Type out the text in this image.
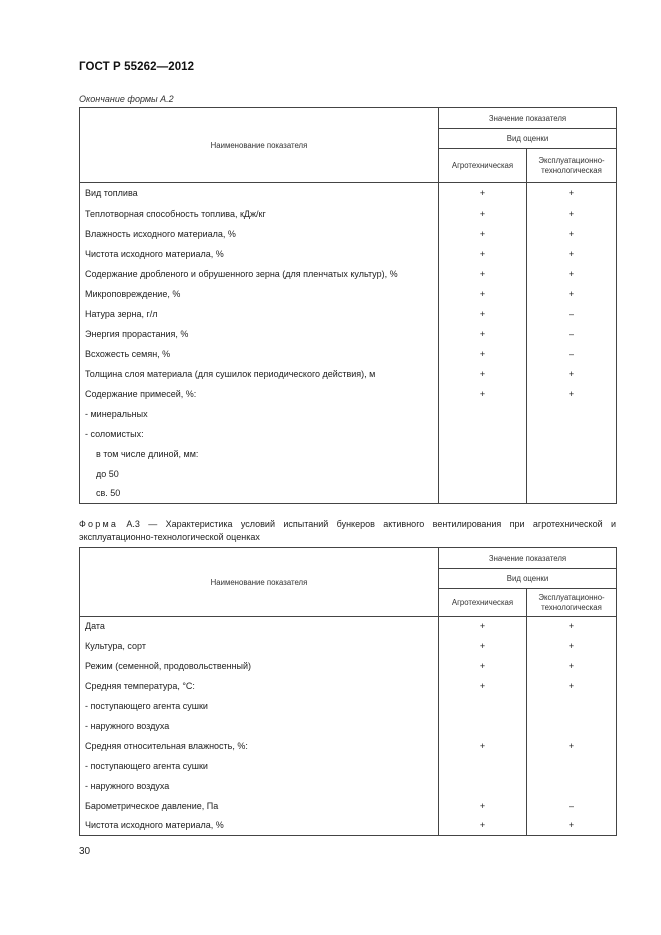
ГОСТ Р 55262—2012
Окончание формы А.2
Наименование показателя	Значение показателя	
	Вид оценки	
	Агротехническая	Эксплуатационно-технологическая
Вид топлива	+	+
Теплотворная способность топлива, кДж/кг	+	+
Влажность исходного материала, %	+	+
Чистота исходного материала, %	+	+
Содержание дробленого и обрушенного зерна (для пленчатых культур), %	+	+
Микроповреждение, %	+	+
Натура зерна, г/л	+	–
Энергия прорастания, %	+	–
Всхожесть семян, %	+	–
Толщина слоя материала (для сушилок периодического действия), м	+	+
Содержание примесей, %:	+	+
- минеральных		
- соломистых:		
в том числе длиной, мм:		
до 50		
св. 50		
Форма А.3 — Характеристика условий испытаний бункеров активного вентилирования при агротехнической и эксплуатационно-технологической оценках
Наименование показателя	Значение показателя	
	Вид оценки	
	Агротехническая	Эксплуатационно-технологическая
Дата	+	+
Культура, сорт	+	+
Режим (семенной, продовольственный)	+	+
Средняя температура, °С:	+	+
- поступающего агента сушки		
- наружного воздуха		
Средняя относительная влажность, %:	+	+
- поступающего агента сушки		
- наружного воздуха		
Барометрическое давление, Па	+	–
Чистота исходного материала, %	+	+
30
